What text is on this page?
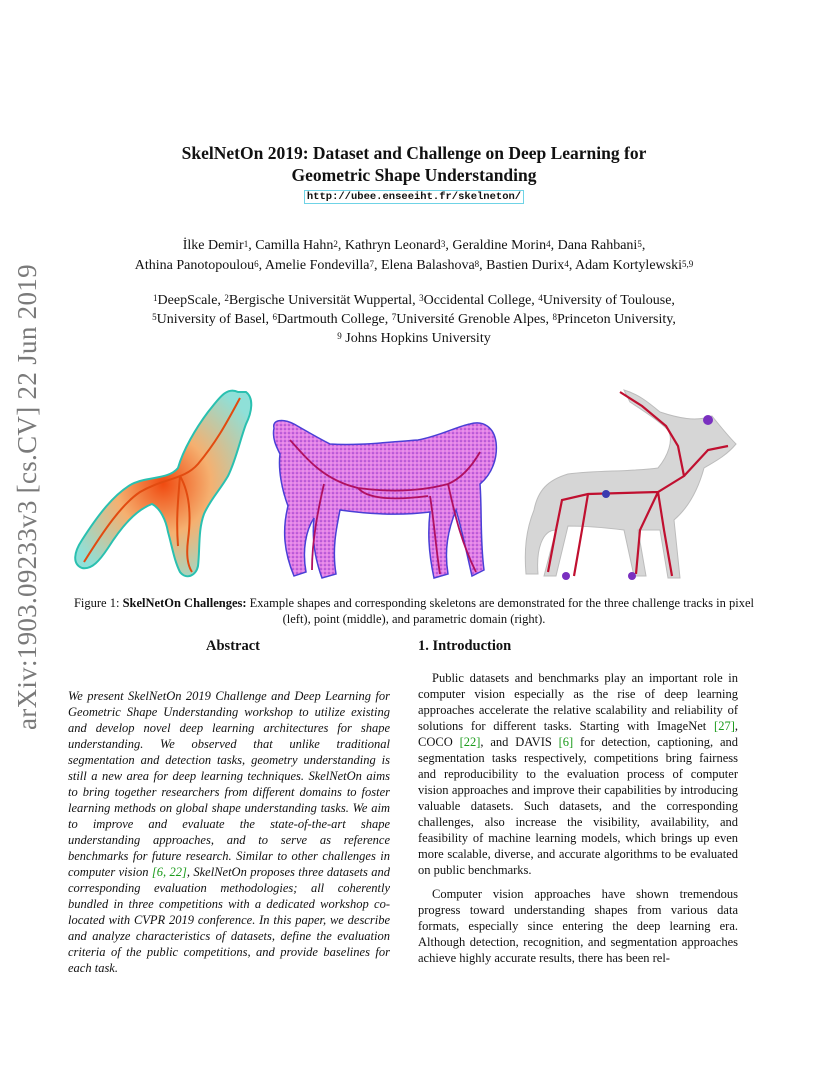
SkelNetOn 2019: Dataset and Challenge on Deep Learning for
Geometric Shape Understanding
http://ubee.enseeiht.fr/skelneton/
İlke Demir$^1$, Camilla Hahn$^2$, Kathryn Leonard$^3$, Geraldine Morin$^4$, Dana Rahbani$^5$,
Athina Panotopoulou$^6$, Amelie Fondevilla$^7$, Elena Balashova$^8$, Bastien Durix$^4$, Adam Kortylewski$^{5,9}$
$^1$DeepScale, $^2$Bergische Universität Wuppertal, $^3$Occidental College, $^4$University of Toulouse,
$^5$University of Basel, $^6$Dartmouth College, $^7$Université Grenoble Alpes, $^8$Princeton University,
$^9$ Johns Hopkins University
arXiv:1903.09233v3 [cs.CV] 22 Jun 2019	Figure 1: SkelNetOn Challenges: Example shapes and corresponding skeletons are demonstrated for the three challenge tracks in pixel (left), point (middle), and parametric domain (right).
Abstract
We present SkelNetOn 2019 Challenge and Deep Learning for Geometric Shape Understanding workshop to utilize existing and develop novel deep learning architectures for shape understanding. We observed that unlike traditional segmentation and detection tasks, geometry understanding is still a new area for deep learning techniques. SkelNetOn aims to bring together researchers from different domains to foster learning methods on global shape understanding tasks. We aim to improve and evaluate the state-of-the-art shape understanding approaches, and to serve as reference benchmarks for future research. Similar to other challenges in computer vision [6, 22], SkelNetOn proposes three datasets and corresponding evaluation methodologies; all coherently bundled in three competitions with a dedicated workshop co-located with CVPR 2019 conference. In this paper, we describe and analyze characteristics of datasets, define the evaluation criteria of the public competitions, and provide baselines for each task.
1. Introduction
Public datasets and benchmarks play an important role in computer vision especially as the rise of deep learning approaches accelerate the relative scalability and reliability of solutions for different tasks. Starting with ImageNet [27], COCO [22], and DAVIS [6] for detection, captioning, and segmentation tasks respectively, competitions bring fairness and reproducibility to the evaluation process of computer vision approaches and improve their capabilities by introducing valuable datasets. Such datasets, and the corresponding challenges, also increase the visibility, availability, and feasibility of machine learning models, which brings up even more scalable, diverse, and accurate algorithms to be evaluated on public benchmarks.
Computer vision approaches have shown tremendous progress toward understanding shapes from various data formats, especially since entering the deep learning era. Although detection, recognition, and segmentation approaches achieve highly accurate results, there has been rel-
